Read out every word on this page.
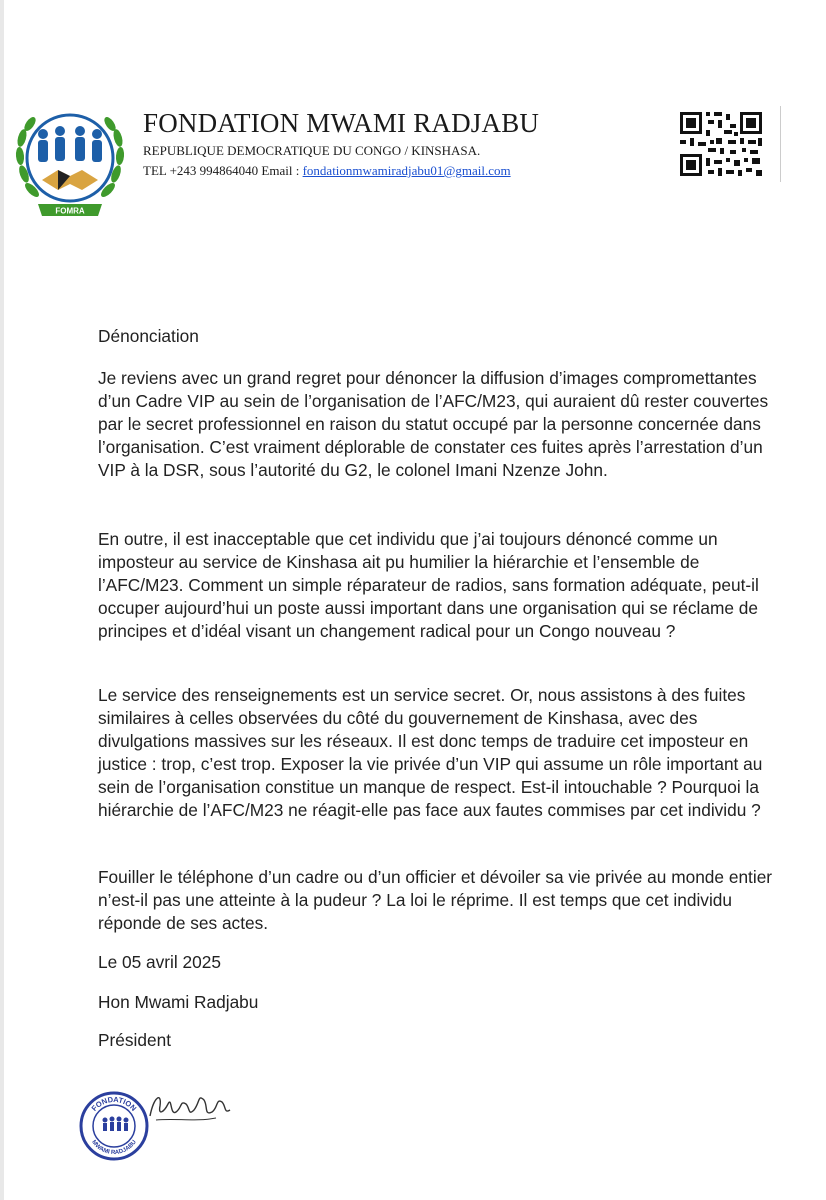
FOMRA
FONDATION MWAMI RADJABU
REPUBLIQUE DEMOCRATIQUE DU CONGO / KINSHASA.
TEL +243 994864040 Email : fondationmwamiradjabu01@gmail.com
Dénonciation
Je reviens avec un grand regret pour dénoncer la diffusion d’images compromettantes d’un Cadre VIP au sein de l’organisation de l’AFC/M23, qui auraient dû rester couvertes par le secret professionnel en raison du statut occupé par la personne concernée dans l’organisation. C’est vraiment déplorable de constater ces fuites après l’arrestation d’un VIP à la DSR, sous l’autorité du G2, le colonel Imani Nzenze John.
En outre, il est inacceptable que cet individu que j’ai toujours dénoncé comme un imposteur au service de Kinshasa ait pu humilier la hiérarchie et l’ensemble de l’AFC/M23. Comment un simple réparateur de radios, sans formation adéquate, peut-il occuper aujourd’hui un poste aussi important dans une organisation qui se réclame de principes et d’idéal visant un changement radical pour un Congo nouveau ?
Le service des renseignements est un service secret. Or, nous assistons à des fuites similaires à celles observées du côté du gouvernement de Kinshasa, avec des divulgations massives sur les réseaux. Il est donc temps de traduire cet imposteur en justice : trop, c’est trop. Exposer la vie privée d’un VIP qui assume un rôle important au sein de l’organisation constitue un manque de respect. Est-il intouchable ? Pourquoi la hiérarchie de l’AFC/M23 ne réagit-elle pas face aux fautes commises par cet individu ?
Fouiller le téléphone d’un cadre ou d’un officier et dévoiler sa vie privée au monde entier n’est-il pas une atteinte à la pudeur ? La loi le réprime. Il est temps que cet individu réponde de ses actes.
Le 05 avril 2025
Hon Mwami Radjabu
Président
FONDATION
MWAMI RADJABU
